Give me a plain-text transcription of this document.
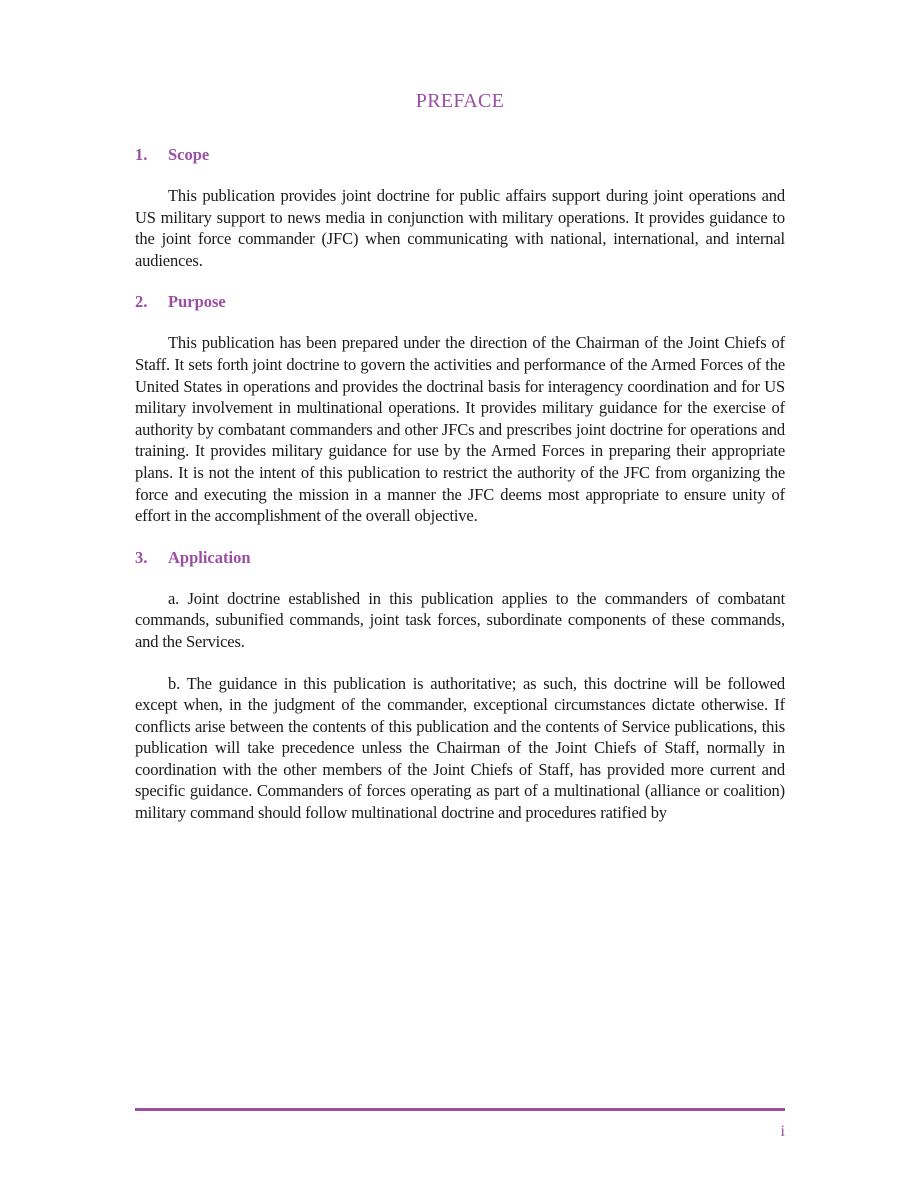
PREFACE
1.	Scope

This publication provides joint doctrine for public affairs support during joint operations and US military support to news media in conjunction with military operations. It provides guidance to the joint force commander (JFC) when communicating with national, international, and internal audiences.

2.	Purpose

This publication has been prepared under the direction of the Chairman of the Joint Chiefs of Staff. It sets forth joint doctrine to govern the activities and performance of the Armed Forces of the United States in operations and provides the doctrinal basis for interagency coordination and for US military involvement in multinational operations. It provides military guidance for the exercise of authority by combatant commanders and other JFCs and prescribes joint doctrine for operations and training. It provides military guidance for use by the Armed Forces in preparing their appropriate plans. It is not the intent of this publication to restrict the authority of the JFC from organizing the force and executing the mission in a manner the JFC deems most appropriate to ensure unity of effort in the accomplishment of the overall objective.

3.	Application

a. Joint doctrine established in this publication applies to the commanders of combatant commands, subunified commands, joint task forces, subordinate components of these commands, and the Services.

b. The guidance in this publication is authoritative; as such, this doctrine will be followed except when, in the judgment of the commander, exceptional circumstances dictate otherwise. If conflicts arise between the contents of this publication and the contents of Service publications, this publication will take precedence unless the Chairman of the Joint Chiefs of Staff, normally in coordination with the other members of the Joint Chiefs of Staff, has provided more current and specific guidance. Commanders of forces operating as part of a multinational (alliance or coalition) military command should follow multinational doctrine and procedures ratified by

i
